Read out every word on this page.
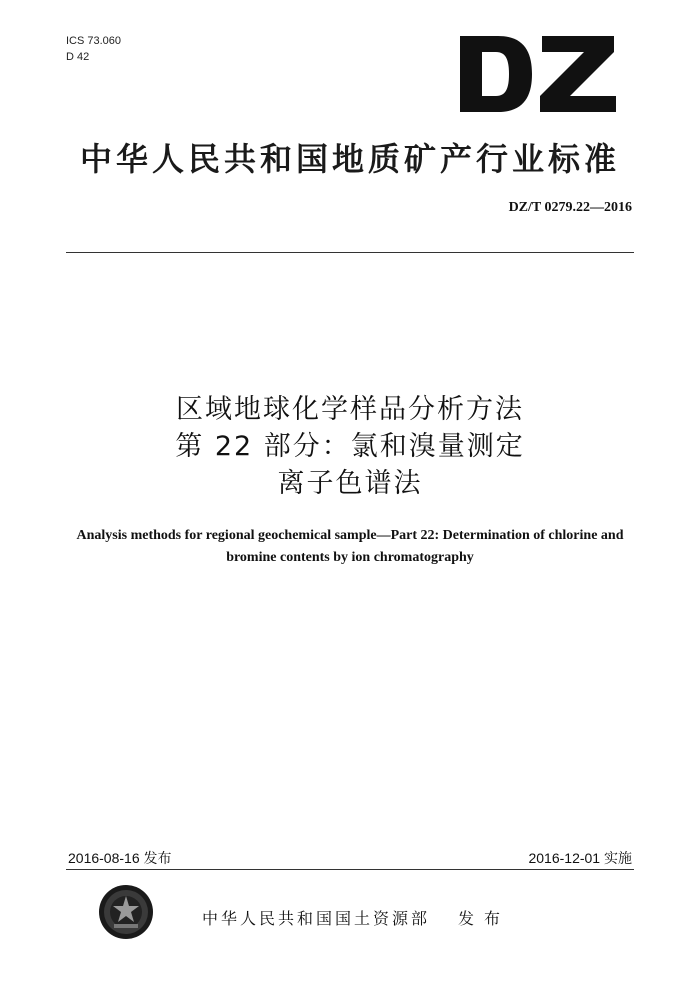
ICS 73.060
D 42
中华人民共和国地质矿产行业标准
DZ/T 0279.22—2016
区域地球化学样品分析方法
第 22 部分：氯和溴量测定
离子色谱法
Analysis methods for regional geochemical sample—Part 22: Determination of chlorine and bromine contents by ion chromatography
2016-08-16 发布	2016-12-01 实施
中华人民共和国国土资源部 发布
